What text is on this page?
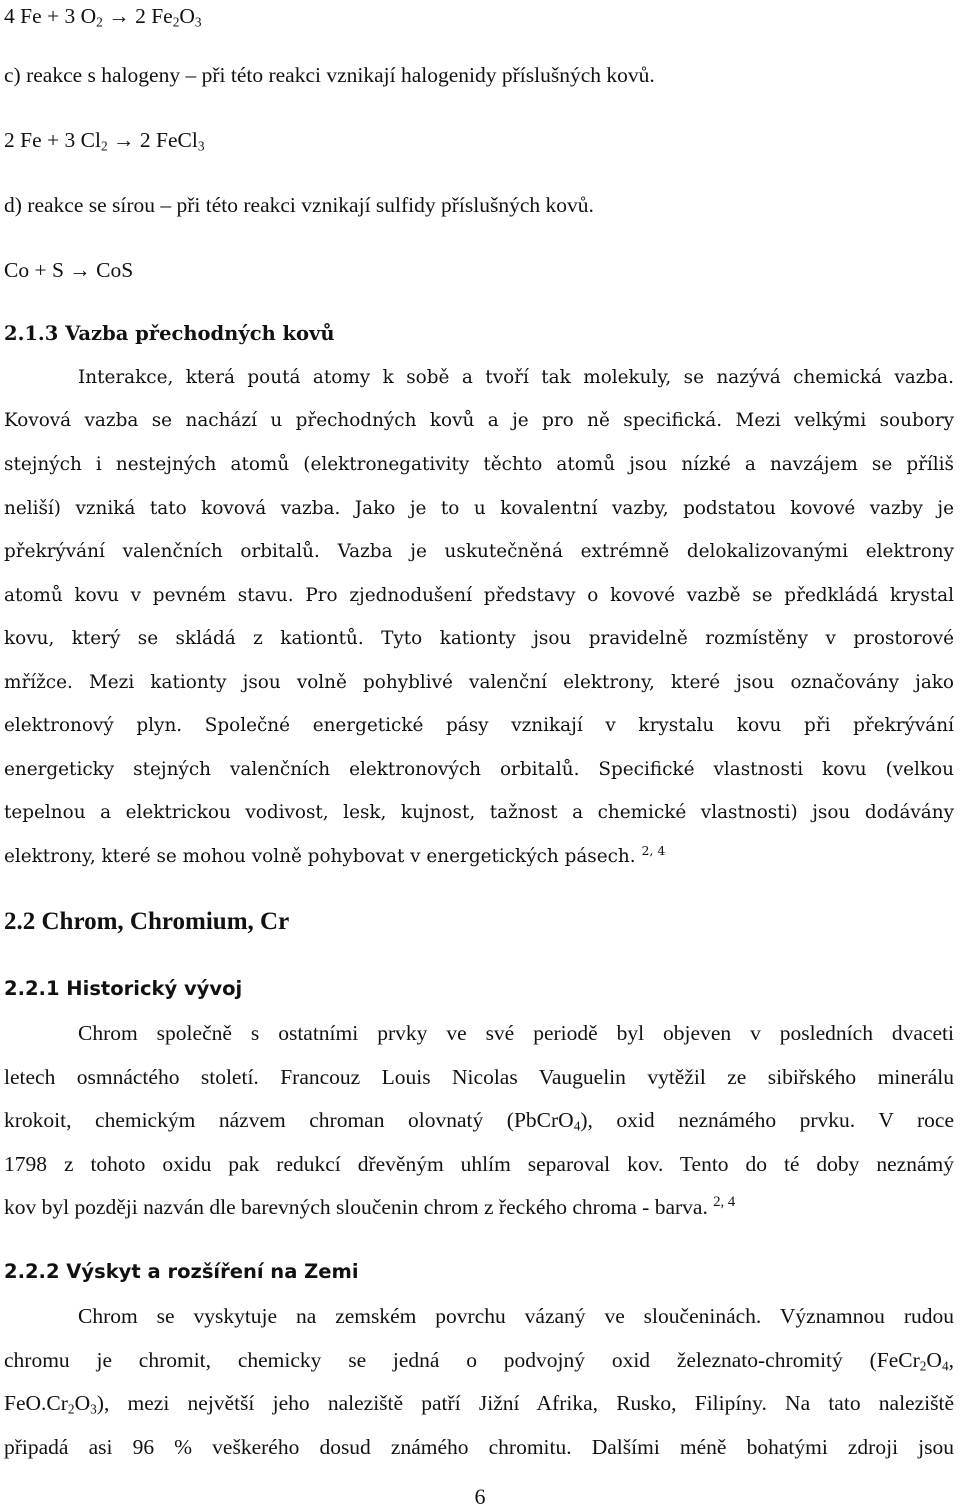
4 Fe + 3 $O_2 \to 2$ $Fe_2O_3$
c) reakce s halogeny – při této reakci vznikají halogenidy příslušných kovů.
2 Fe + 3 $Cl_2 \to 2$ FeCl$_3$
d) reakce se sírou – při této reakci vznikají sulfidy příslušných kovů.
Co + S → CoS
2.1.3 Vazba přechodných kovů
Interakce, která poutá atomy k sobě a tvoří tak molekuly, se nazývá chemická vazba.
Kovová vazba se nachází u přechodných kovů a je pro ně specifická. Mezi velkými soubory
stejných i nestejných atomů (elektronegativity těchto atomů jsou nízké a navzájem se příliš
neliší) vzniká tato kovová vazba. Jako je to u kovalentní vazby, podstatou kovové vazby je
překrývání valenčních orbitalů. Vazba je uskutečněná extrémně delokalizovanými elektrony
atomů kovu v pevném stavu. Pro zjednodušení představy o kovové vazbě se předkládá krystal
kovu, který se skládá z kationtů. Tyto kationty jsou pravidelně rozmístěny v prostorové
mřížce. Mezi kationty jsou volně pohyblivé valenční elektrony, které jsou označovány jako
elektronový plyn. Společné energetické pásy vznikají v krystalu kovu při překrývání
energeticky stejných valenčních elektronových orbitalů. Specifické vlastnosti kovu (velkou
tepelnou a elektrickou vodivost, lesk, kujnost, tažnost a chemické vlastnosti) jsou dodávány
elektrony, které se mohou volně pohybovat v energetických pásech. $^{2, 4}$
2.2 Chrom, Chromium, Cr
2.2.1 Historický vývoj
Chrom společně s ostatními prvky ve své periodě byl objeven v posledních dvaceti
letech osmnáctého století. Francouz Louis Nicolas Vauguelin vytěžil ze sibiřského minerálu
krokoit, chemickým názvem chroman olovnatý (PbCrO$_4$), oxid neznámého prvku. V roce
1798 z tohoto oxidu pak redukcí dřevěným uhlím separoval kov. Tento do té doby neznámý
kov byl později nazván dle barevných sloučenin chrom z řeckého chroma - barva. $^{2, 4}$
2.2.2 Výskyt a rozšíření na Zemi
Chrom se vyskytuje na zemském povrchu vázaný ve sloučeninách. Významnou rudou
chromu je chromit, chemicky se jedná o podvojný oxid železnato-chromitý ($FeCr_2O_4$,
$FeO.Cr_2O_3$), mezi největší jeho naleziště patří Jižní Afrika, Rusko, Filipíny. Na tato naleziště
připadá asi 96 % veškerého dosud známého chromitu. Dalšími méně bohatými zdroji jsou
6
